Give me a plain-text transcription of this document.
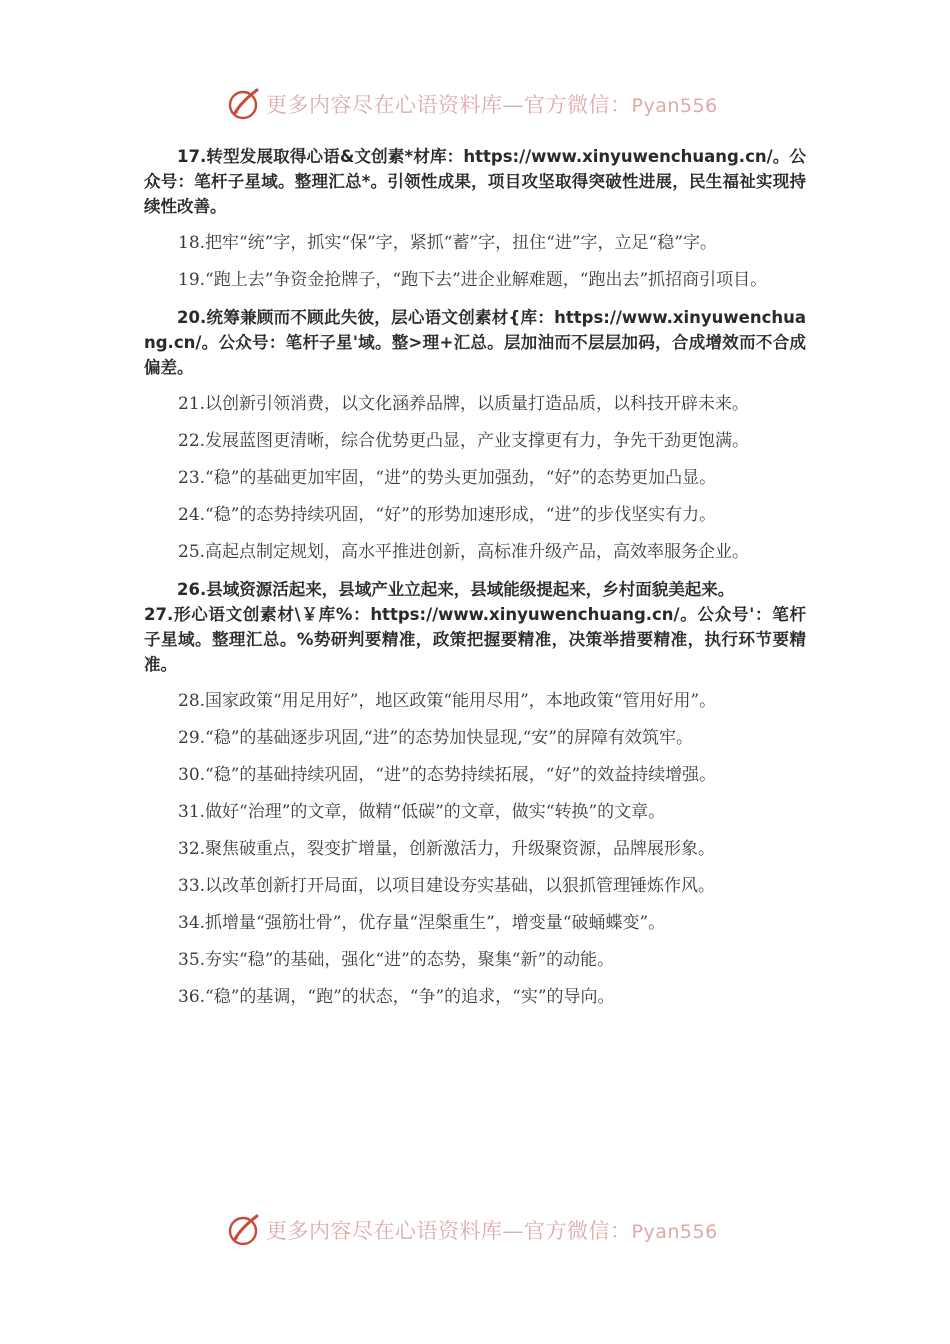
更多内容尽在心语资料库—官方微信：Pyan556

17.转型发展取得心语&文创素*材库：https://www.xinyuwenchuang.cn/。公众号：笔杆子星域。整理汇总*。引领性成果，项目攻坚取得突破性进展，民生福祉实现持续性改善。

18.把牢“统”字，抓实“保”字，紧抓“蓄”字，扭住“进”字，立足“稳”字。

19.“跑上去”争资金抢牌子，“跑下去”进企业解难题，“跑出去”抓招商引项目。

20.统筹兼顾而不顾此失彼，层心语文创素材{库：https://www.xinyuwenchuang.cn/。公众号：笔杆子星'域。整>理+汇总。层加油而不层层加码，合成增效而不合成偏差。

21.以创新引领消费，以文化涵养品牌，以质量打造品质，以科技开辟未来。

22.发展蓝图更清晰，综合优势更凸显，产业支撑更有力，争先干劲更饱满。

23.“稳”的基础更加牢固，“进”的势头更加强劲，“好”的态势更加凸显。

24.“稳”的态势持续巩固，“好”的形势加速形成，“进”的步伐坚实有力。

25.高起点制定规划，高水平推进创新，高标准升级产品，高效率服务企业。

26.县域资源活起来，县域产业立起来，县域能级提起来，乡村面貌美起来。

27.形心语文创素材\￥库%：https://www.xinyuwenchuang.cn/。公众号'：笔杆子星域。整理汇总。%势研判要精准，政策把握要精准，决策举措要精准，执行环节要精准。

28.国家政策“用足用好”，地区政策“能用尽用”，本地政策“管用好用”。

29.“稳”的基础逐步巩固,“进”的态势加快显现,“安”的屏障有效筑牢。

30.“稳”的基础持续巩固，“进”的态势持续拓展，“好”的效益持续增强。

31.做好“治理”的文章，做精“低碳”的文章，做实“转换”的文章。

32.聚焦破重点，裂变扩增量，创新激活力，升级聚资源，品牌展形象。

33.以改革创新打开局面，以项目建设夯实基础，以狠抓管理锤炼作风。

34.抓增量“强筋壮骨”，优存量“涅槃重生”，增变量“破蛹蝶变”。

35.夯实“稳”的基础，强化“进”的态势，聚集“新”的动能。

36.“稳”的基调，“跑”的状态，“争”的追求，“实”的导向。

更多内容尽在心语资料库—官方微信：Pyan556
